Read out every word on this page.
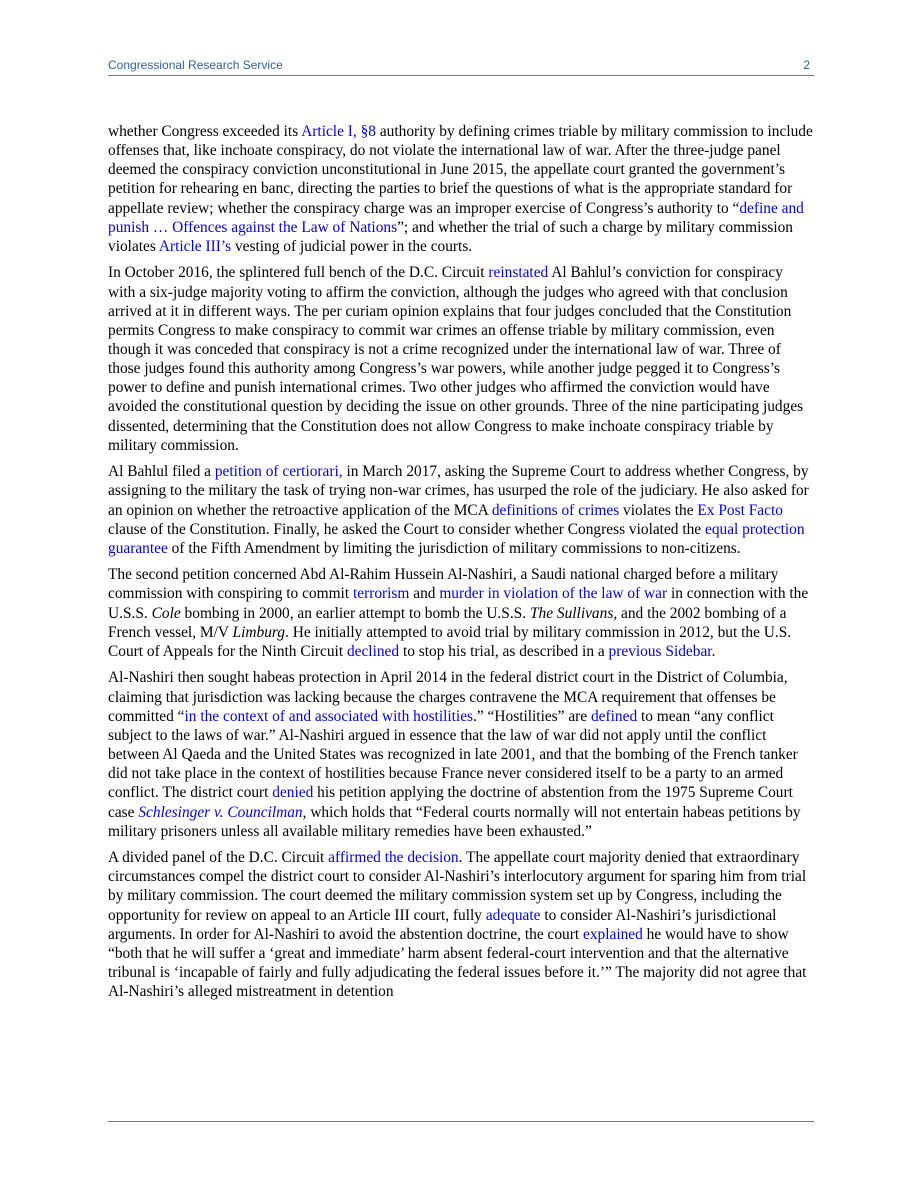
Congressional Research Service	2

whether Congress exceeded its Article I, §8 authority by defining crimes triable by military commission to include offenses that, like inchoate conspiracy, do not violate the international law of war. After the three-judge panel deemed the conspiracy conviction unconstitutional in June 2015, the appellate court granted the government’s petition for rehearing en banc, directing the parties to brief the questions of what is the appropriate standard for appellate review; whether the conspiracy charge was an improper exercise of Congress’s authority to “define and punish … Offences against the Law of Nations”; and whether the trial of such a charge by military commission violates Article III’s vesting of judicial power in the courts.

In October 2016, the splintered full bench of the D.C. Circuit reinstated Al Bahlul’s conviction for conspiracy with a six-judge majority voting to affirm the conviction, although the judges who agreed with that conclusion arrived at it in different ways. The per curiam opinion explains that four judges concluded that the Constitution permits Congress to make conspiracy to commit war crimes an offense triable by military commission, even though it was conceded that conspiracy is not a crime recognized under the international law of war. Three of those judges found this authority among Congress’s war powers, while another judge pegged it to Congress’s power to define and punish international crimes. Two other judges who affirmed the conviction would have avoided the constitutional question by deciding the issue on other grounds. Three of the nine participating judges dissented, determining that the Constitution does not allow Congress to make inchoate conspiracy triable by military commission.

Al Bahlul filed a petition of certiorari, in March 2017, asking the Supreme Court to address whether Congress, by assigning to the military the task of trying non-war crimes, has usurped the role of the judiciary. He also asked for an opinion on whether the retroactive application of the MCA definitions of crimes violates the Ex Post Facto clause of the Constitution. Finally, he asked the Court to consider whether Congress violated the equal protection guarantee of the Fifth Amendment by limiting the jurisdiction of military commissions to non-citizens.

The second petition concerned Abd Al-Rahim Hussein Al-Nashiri, a Saudi national charged before a military commission with conspiring to commit terrorism and murder in violation of the law of war in connection with the U.S.S. Cole bombing in 2000, an earlier attempt to bomb the U.S.S. The Sullivans, and the 2002 bombing of a French vessel, M/V Limburg. He initially attempted to avoid trial by military commission in 2012, but the U.S. Court of Appeals for the Ninth Circuit declined to stop his trial, as described in a previous Sidebar.

Al-Nashiri then sought habeas protection in April 2014 in the federal district court in the District of Columbia, claiming that jurisdiction was lacking because the charges contravene the MCA requirement that offenses be committed “in the context of and associated with hostilities.” “Hostilities” are defined to mean “any conflict subject to the laws of war.” Al-Nashiri argued in essence that the law of war did not apply until the conflict between Al Qaeda and the United States was recognized in late 2001, and that the bombing of the French tanker did not take place in the context of hostilities because France never considered itself to be a party to an armed conflict. The district court denied his petition applying the doctrine of abstention from the 1975 Supreme Court case Schlesinger v. Councilman, which holds that “Federal courts normally will not entertain habeas petitions by military prisoners unless all available military remedies have been exhausted.”

A divided panel of the D.C. Circuit affirmed the decision. The appellate court majority denied that extraordinary circumstances compel the district court to consider Al-Nashiri’s interlocutory argument for sparing him from trial by military commission. The court deemed the military commission system set up by Congress, including the opportunity for review on appeal to an Article III court, fully adequate to consider Al-Nashiri’s jurisdictional arguments. In order for Al-Nashiri to avoid the abstention doctrine, the court explained he would have to show “both that he will suffer a ‘great and immediate’ harm absent federal-court intervention and that the alternative tribunal is ‘incapable of fairly and fully adjudicating the federal issues before it.’” The majority did not agree that Al-Nashiri’s alleged mistreatment in detention
